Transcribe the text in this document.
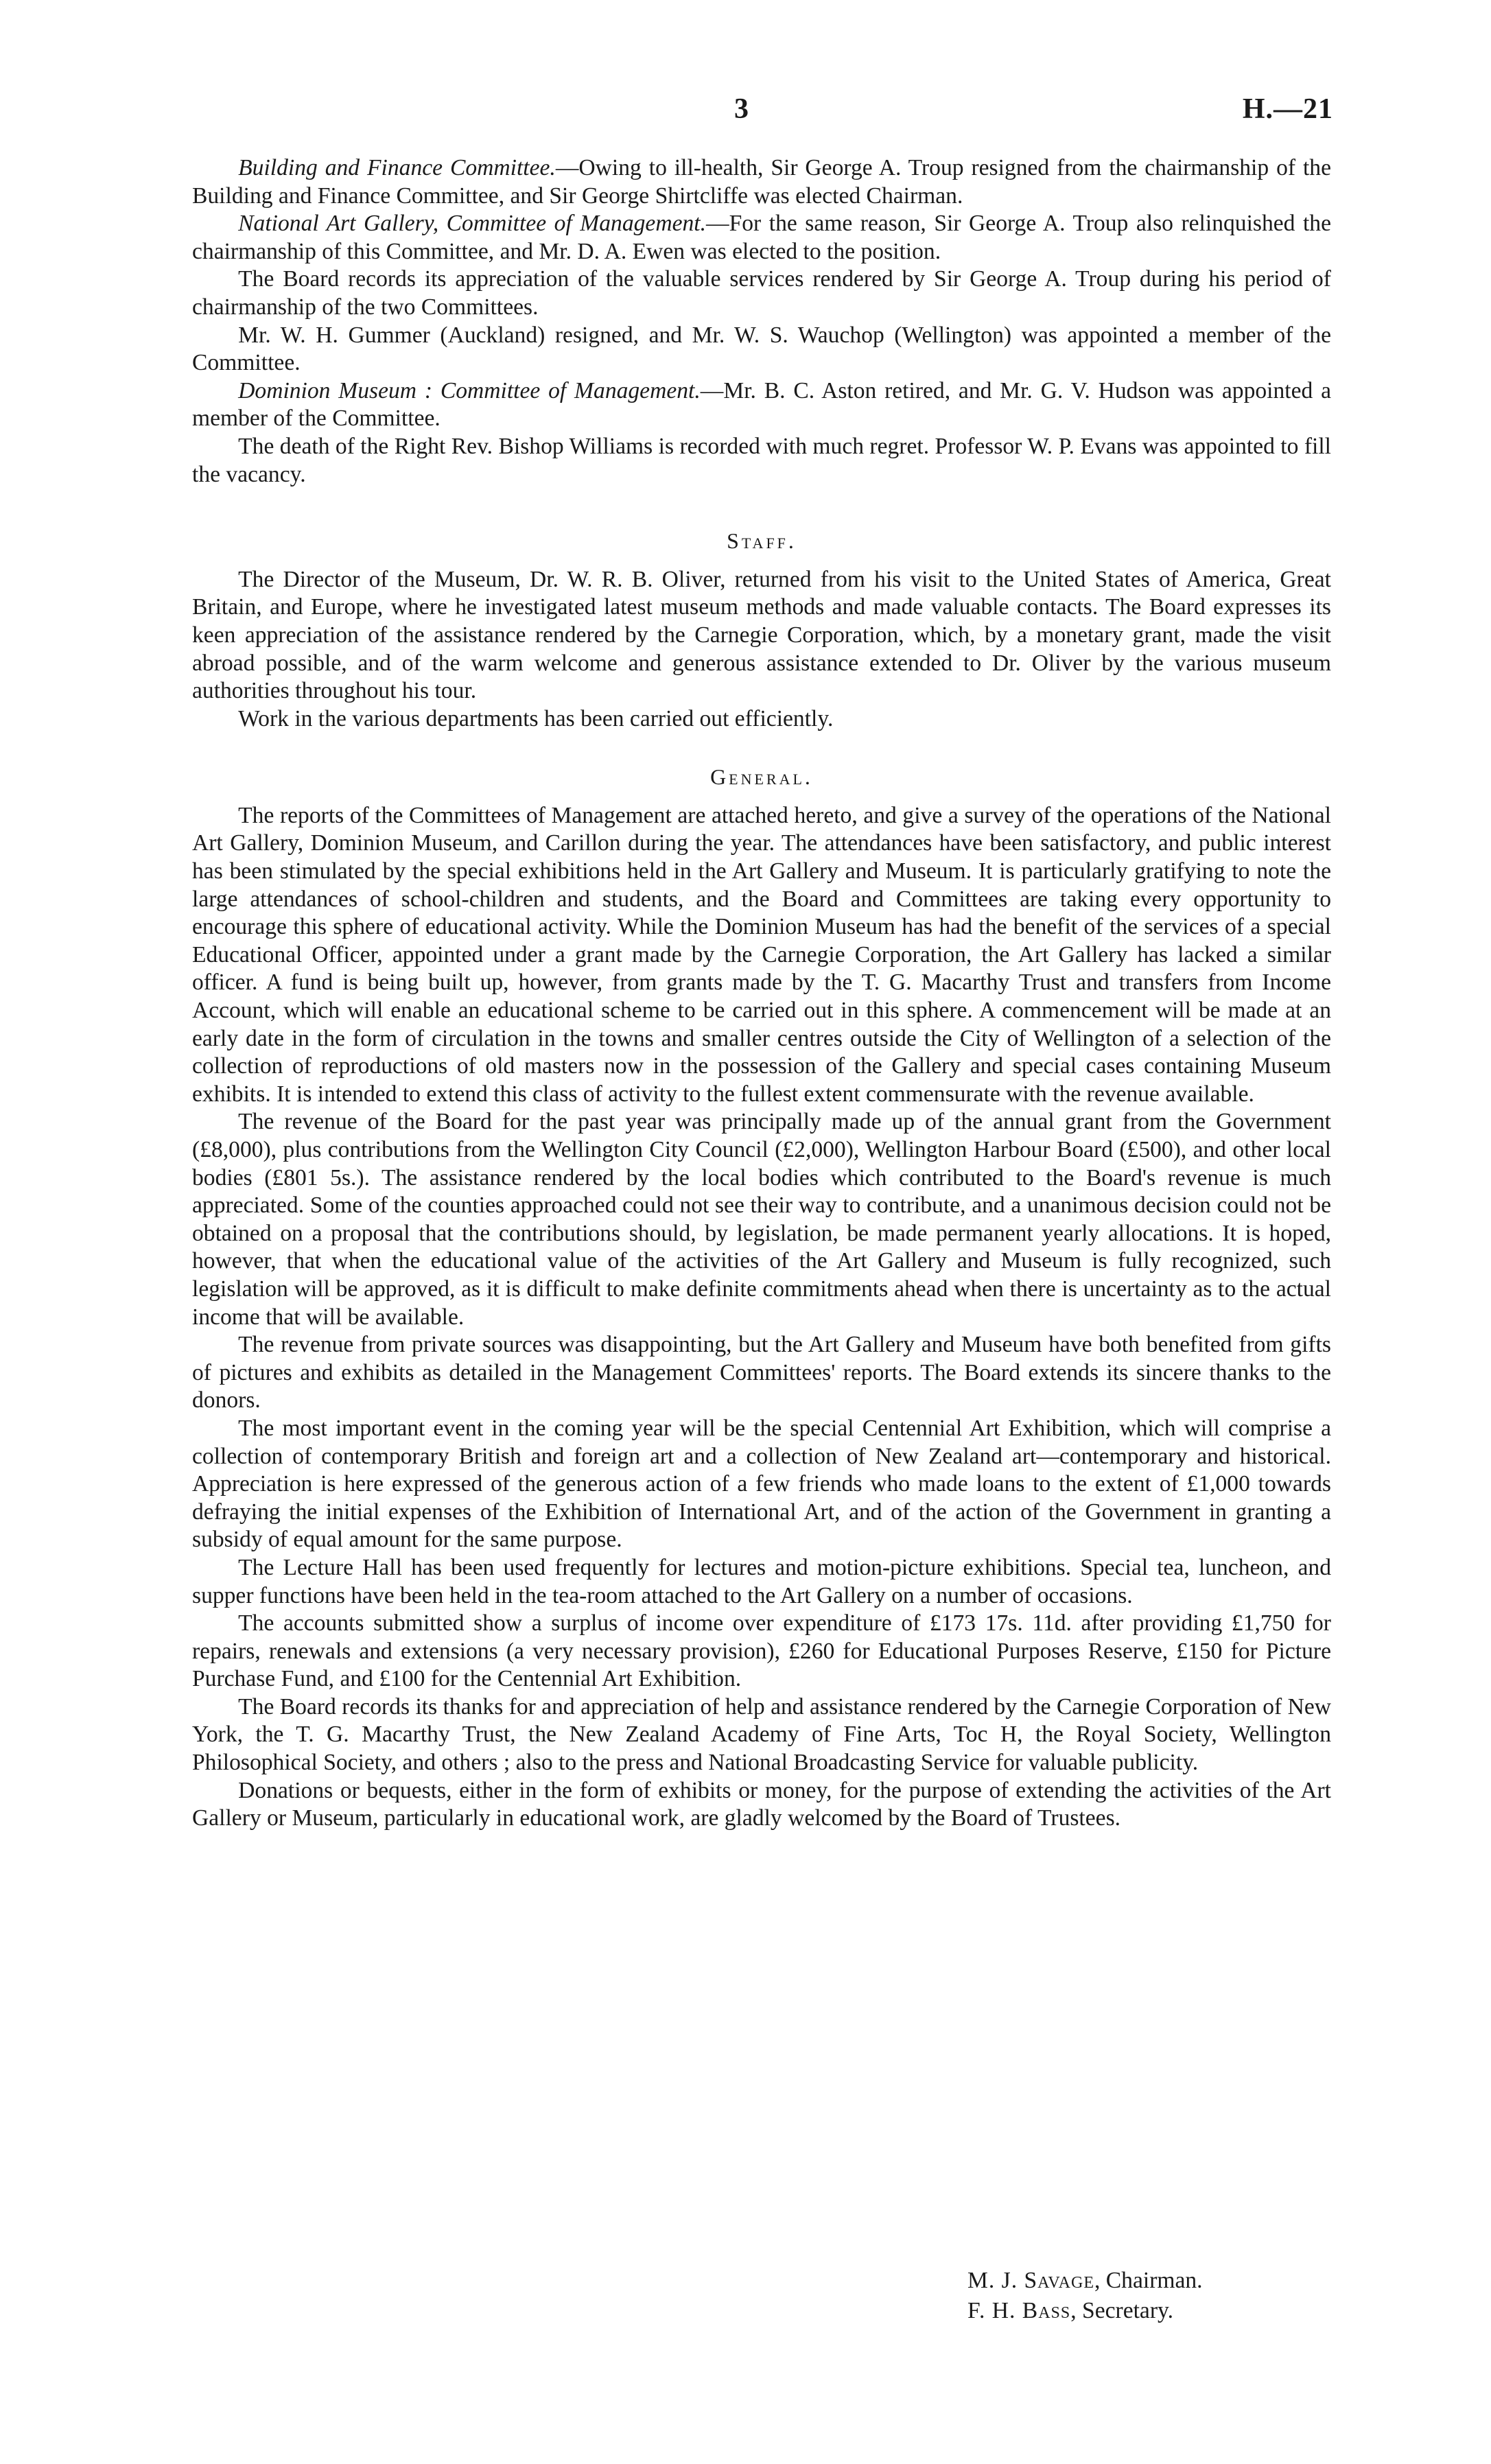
3	H.—21

  Building and Finance Committee.—Owing to ill-health, Sir George A. Troup resigned from the chairmanship of the Building and Finance Committee, and Sir George Shirtcliffe was elected Chairman.

  National Art Gallery, Committee of Management.—For the same reason, Sir George A. Troup also relinquished the chairmanship of this Committee, and Mr. D. A. Ewen was elected to the position.

  The Board records its appreciation of the valuable services rendered by Sir George A. Troup during his period of chairmanship of the two Committees.

  Mr. W. H. Gummer (Auckland) resigned, and Mr. W. S. Wauchop (Wellington) was appointed a member of the Committee.

  Dominion Museum : Committee of Management.—Mr. B. C. Aston retired, and Mr. G. V. Hudson was appointed a member of the Committee.

  The death of the Right Rev. Bishop Williams is recorded with much regret. Professor W. P. Evans was appointed to fill the vacancy.

Staff.

  The Director of the Museum, Dr. W. R. B. Oliver, returned from his visit to the United States of America, Great Britain, and Europe, where he investigated latest museum methods and made valuable contacts. The Board expresses its keen appreciation of the assistance rendered by the Carnegie Corporation, which, by a monetary grant, made the visit abroad possible, and of the warm welcome and generous assistance extended to Dr. Oliver by the various museum authorities throughout his tour.

  Work in the various departments has been carried out efficiently.

General.

  The reports of the Committees of Management are attached hereto, and give a survey of the operations of the National Art Gallery, Dominion Museum, and Carillon during the year. The attendances have been satisfactory, and public interest has been stimulated by the special exhibitions held in the Art Gallery and Museum. It is particularly gratifying to note the large attendances of school-children and students, and the Board and Committees are taking every opportunity to encourage this sphere of educational activity. While the Dominion Museum has had the benefit of the services of a special Educational Officer, appointed under a grant made by the Carnegie Corporation, the Art Gallery has lacked a similar officer. A fund is being built up, however, from grants made by the T. G. Macarthy Trust and transfers from Income Account, which will enable an educational scheme to be carried out in this sphere. A commencement will be made at an early date in the form of circulation in the towns and smaller centres outside the City of Wellington of a selection of the collection of reproductions of old masters now in the possession of the Gallery and special cases containing Museum exhibits. It is intended to extend this class of activity to the fullest extent commensurate with the revenue available.

  The revenue of the Board for the past year was principally made up of the annual grant from the Government (£8,000), plus contributions from the Wellington City Council (£2,000), Wellington Harbour Board (£500), and other local bodies (£801 5s.). The assistance rendered by the local bodies which contributed to the Board's revenue is much appreciated. Some of the counties approached could not see their way to contribute, and a unanimous decision could not be obtained on a proposal that the contributions should, by legislation, be made permanent yearly allocations. It is hoped, however, that when the educational value of the activities of the Art Gallery and Museum is fully recognized, such legislation will be approved, as it is difficult to make definite commitments ahead when there is uncertainty as to the actual income that will be available.

  The revenue from private sources was disappointing, but the Art Gallery and Museum have both benefited from gifts of pictures and exhibits as detailed in the Management Committees' reports. The Board extends its sincere thanks to the donors.

  The most important event in the coming year will be the special Centennial Art Exhibition, which will comprise a collection of contemporary British and foreign art and a collection of New Zealand art—contemporary and historical. Appreciation is here expressed of the generous action of a few friends who made loans to the extent of £1,000 towards defraying the initial expenses of the Exhibition of International Art, and of the action of the Government in granting a subsidy of equal amount for the same purpose.

  The Lecture Hall has been used frequently for lectures and motion-picture exhibitions. Special tea, luncheon, and supper functions have been held in the tea-room attached to the Art Gallery on a number of occasions.

  The accounts submitted show a surplus of income over expenditure of £173 17s. 11d. after providing £1,750 for repairs, renewals and extensions (a very necessary provision), £260 for Educational Purposes Reserve, £150 for Picture Purchase Fund, and £100 for the Centennial Art Exhibition.

  The Board records its thanks for and appreciation of help and assistance rendered by the Carnegie Corporation of New York, the T. G. Macarthy Trust, the New Zealand Academy of Fine Arts, Toc H, the Royal Society, Wellington Philosophical Society, and others ; also to the press and National Broadcasting Service for valuable publicity.

  Donations or bequests, either in the form of exhibits or money, for the purpose of extending the activities of the Art Gallery or Museum, particularly in educational work, are gladly welcomed by the Board of Trustees.

M. J. Savage, Chairman.
F. H. Bass, Secretary.
